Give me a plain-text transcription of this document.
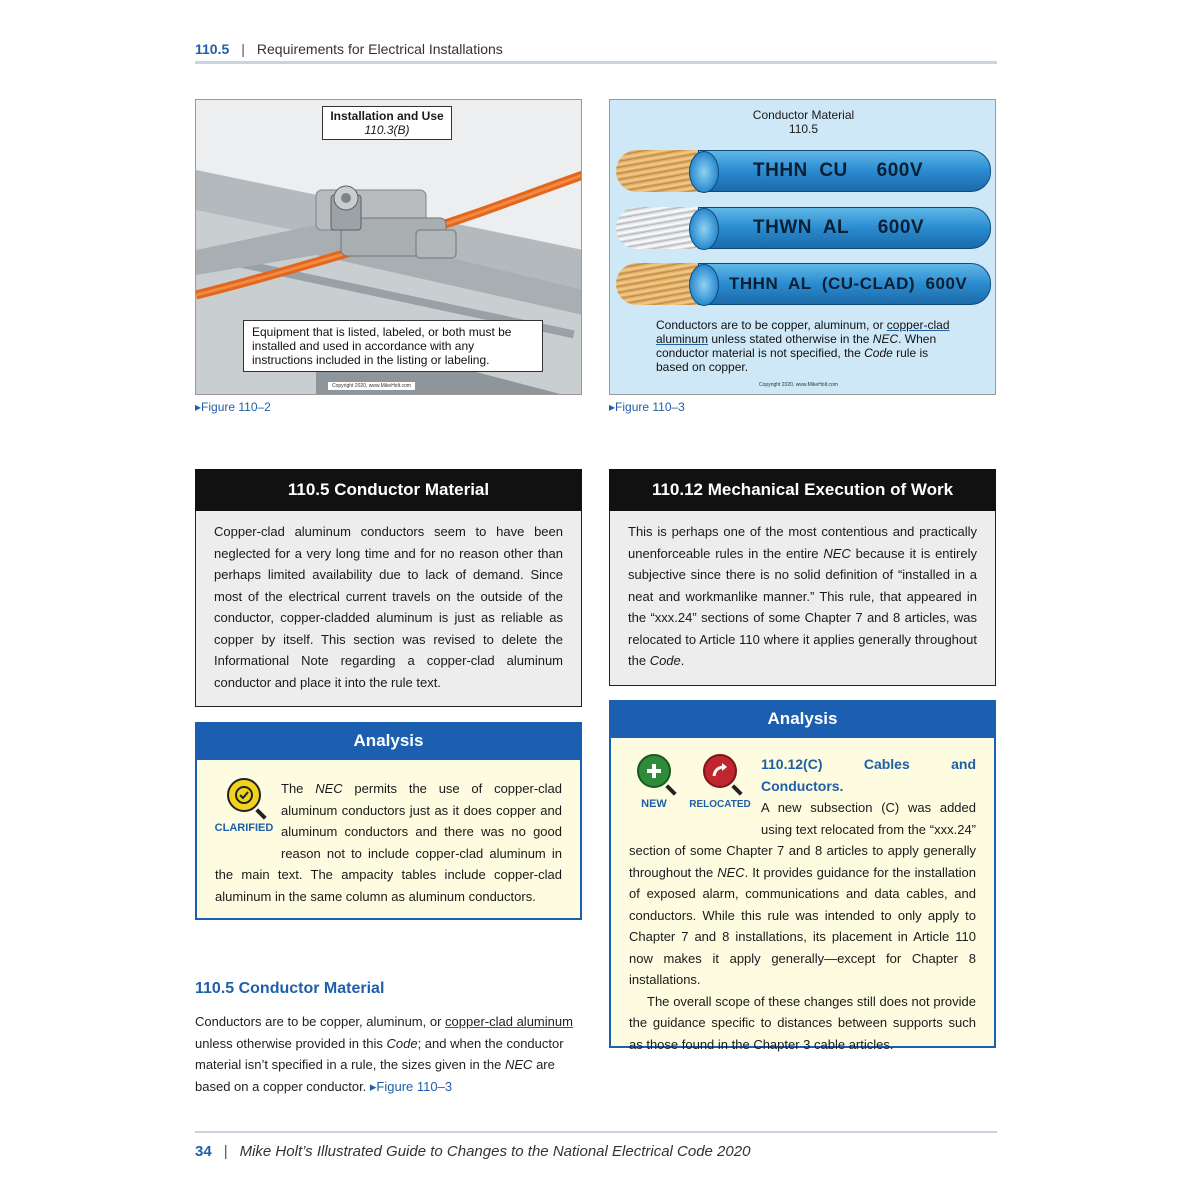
110.5 | Requirements for Electrical Installations
Installation and Use
110.3(B)
Equipment that is listed, labeled, or both must be installed and used in accordance with any instructions included in the listing or labeling.
Copyright 2020, www.MikeHolt.com
▸Figure 110–2
Conductor Material
110.5
THHN  CU     600V
THWN  AL     600V
THHN  AL  (CU-CLAD)  600V
Conductors are to be copper, aluminum, or copper-clad aluminum unless stated otherwise in the NEC. When conductor material is not specified, the Code rule is based on copper.
Copyright 2020, www.MikeHolt.com
▸Figure 110–3
110.5 Conductor Material
Copper-clad aluminum conductors seem to have been neglected for a very long time and for no reason other than perhaps limited availability due to lack of demand. Since most of the electrical current travels on the outside of the conductor, copper-cladded aluminum is just as reliable as copper by itself. This section was revised to delete the Informational Note regarding a copper-clad aluminum conductor and place it into the rule text.
Analysis
CLARIFIED
The NEC permits the use of copper-clad aluminum conductors just as it does copper and aluminum conductors and there was no good reason not to include copper-clad aluminum in the main text. The ampacity tables include copper-clad aluminum in the same column as aluminum conductors.
110.12 Mechanical Execution of Work
This is perhaps one of the most contentious and practically unenforceable rules in the entire NEC because it is entirely subjective since there is no solid definition of “installed in a neat and workmanlike manner.” This rule, that appeared in the “xxx.24” sections of some Chapter 7 and 8 articles, was relocated to Article 110 where it applies generally throughout the Code.
Analysis
NEW	RELOCATED
110.12(C) Cables and Conductors.
A new subsection (C) was added using text relocated from the “xxx.24” section of some Chapter 7 and 8 articles to apply generally throughout the NEC. It provides guidance for the installation of exposed alarm, communications and data cables, and conductors. While this rule was intended to only apply to Chapter 7 and 8 installations, its placement in Article 110 now makes it apply generally—except for Chapter 8 installations.
The overall scope of these changes still does not provide the guidance specific to distances between supports such as those found in the Chapter 3 cable articles.
110.5 Conductor Material
Conductors are to be copper, aluminum, or copper-clad aluminum unless otherwise provided in this Code; and when the conductor material isn’t specified in a rule, the sizes given in the NEC are based on a copper conductor. ▸Figure 110–3
34 | Mike Holt’s Illustrated Guide to Changes to the National Electrical Code 2020
